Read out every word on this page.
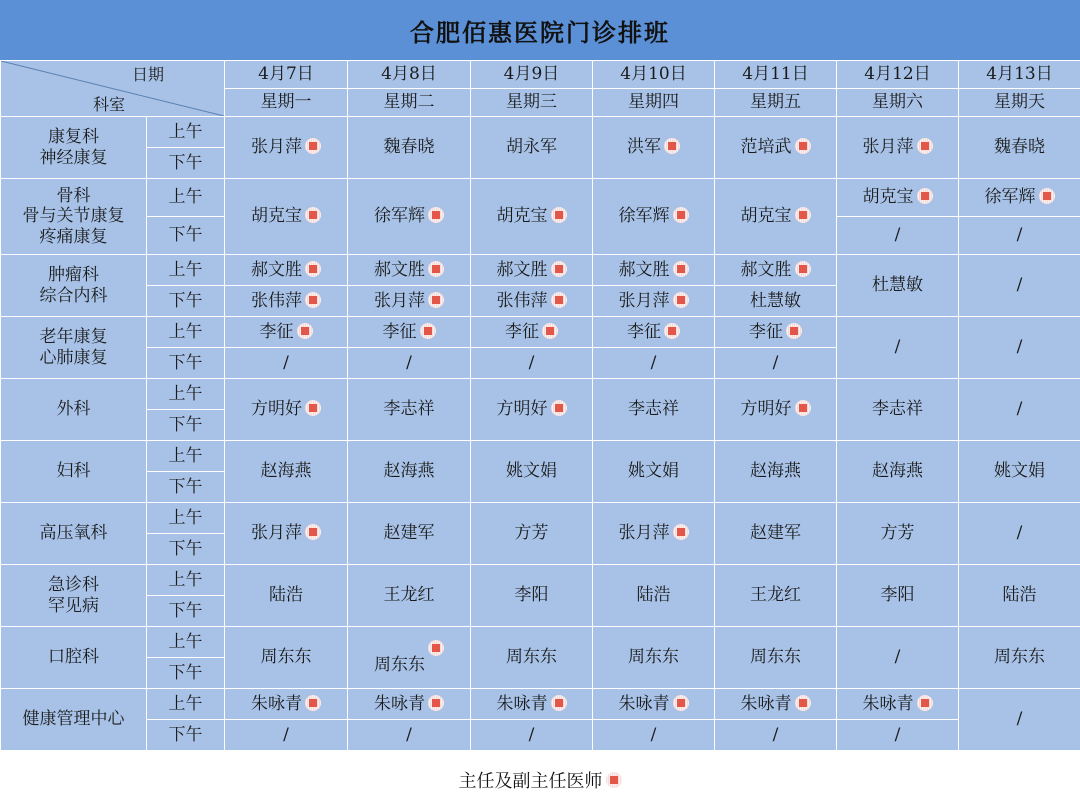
合肥佰惠医院门诊排班
日期
科室		4月7日	4月8日	4月9日	4月10日	4月11日	4月12日	4月13日
		星期一	星期二	星期三	星期四	星期五	星期六	星期天

康复科
神经康复	上午	张月萍	魏春晓	胡永军	洪军	范培武	张月萍	魏春晓
	下午							

骨科
骨与关节康复
疼痛康复	上午	胡克宝	徐军辉	胡克宝	徐军辉	胡克宝	胡克宝	徐军辉
	下午						/	/

肿瘤科
综合内科	上午	郝文胜	郝文胜	郝文胜	郝文胜	郝文胜	杜慧敏	/
	下午	张伟萍	张月萍	张伟萍	张月萍	杜慧敏		

老年康复
心肺康复	上午	李征	李征	李征	李征	李征	/	/
	下午	/	/	/	/	/		

外科	上午	方明好	李志祥	方明好	李志祥	方明好	李志祥	/
	下午							

妇科	上午	赵海燕	赵海燕	姚文娟	姚文娟	赵海燕	赵海燕	姚文娟
	下午							

高压氧科	上午	张月萍	赵建军	方芳	张月萍	赵建军	方芳	/
	下午							

急诊科
罕见病	上午	陆浩	王龙红	李阳	陆浩	王龙红	李阳	陆浩
	下午							

口腔科	上午	周东东	周东东	周东东	周东东	周东东	/	周东东
	下午							

健康管理中心	上午	朱咏青	朱咏青	朱咏青	朱咏青	朱咏青	朱咏青	/
	下午	/	/	/	/	/	/	
主任及副主任医师
